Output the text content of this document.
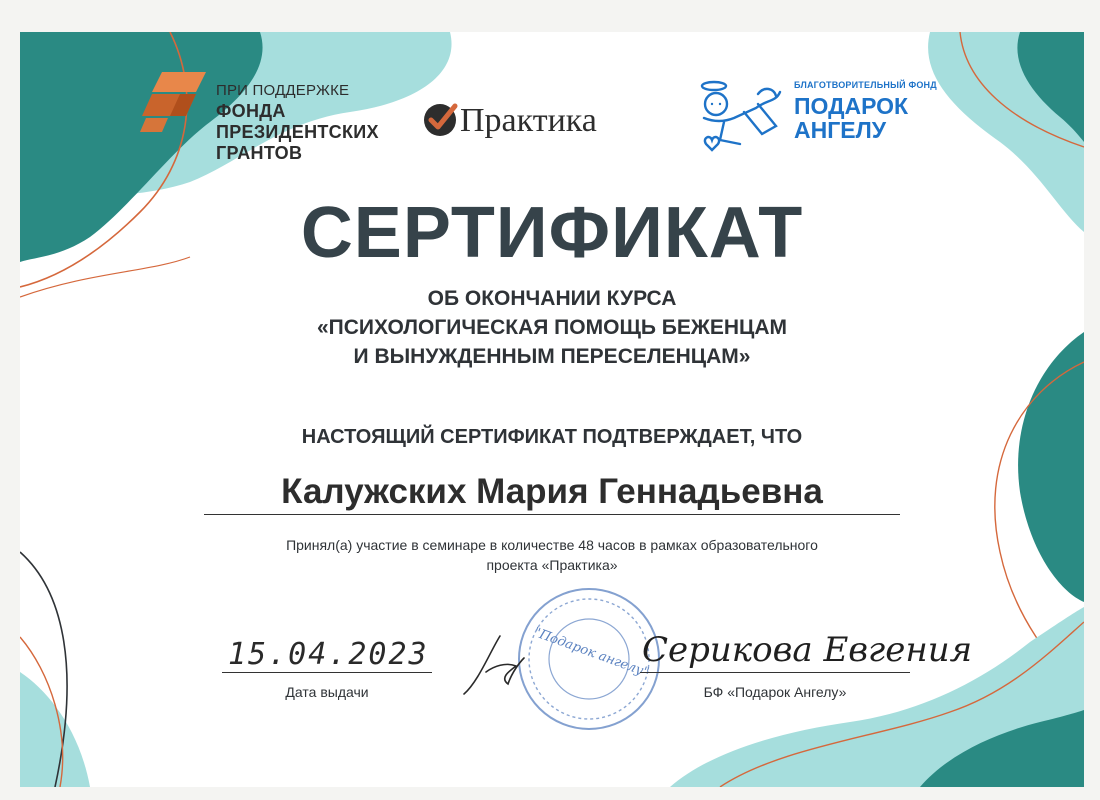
ПРИ ПОДДЕРЖКЕ
ФОНДА
ПРЕЗИДЕНТСКИХ
ГРАНТОВ
Практика
БЛАГОТВОРИТЕЛЬНЫЙ ФОНД
ПОДАРОК
АНГЕЛУ
СЕРТИФИКАТ
ОБ ОКОНЧАНИИ КУРСА
«ПСИХОЛОГИЧЕСКАЯ ПОМОЩЬ БЕЖЕНЦАМ
И ВЫНУЖДЕННЫМ ПЕРЕСЕЛЕНЦАМ»
НАСТОЯЩИЙ СЕРТИФИКАТ ПОДТВЕРЖДАЕТ, ЧТО
Калужских Мария Геннадьевна
Принял(а) участие в семинаре в количестве 48 часов в рамках образовательного
проекта «Практика»
15.04.2023
Дата выдачи
"Подарок ангелу"
Серикова Евгения
БФ «Подарок Ангелу»
